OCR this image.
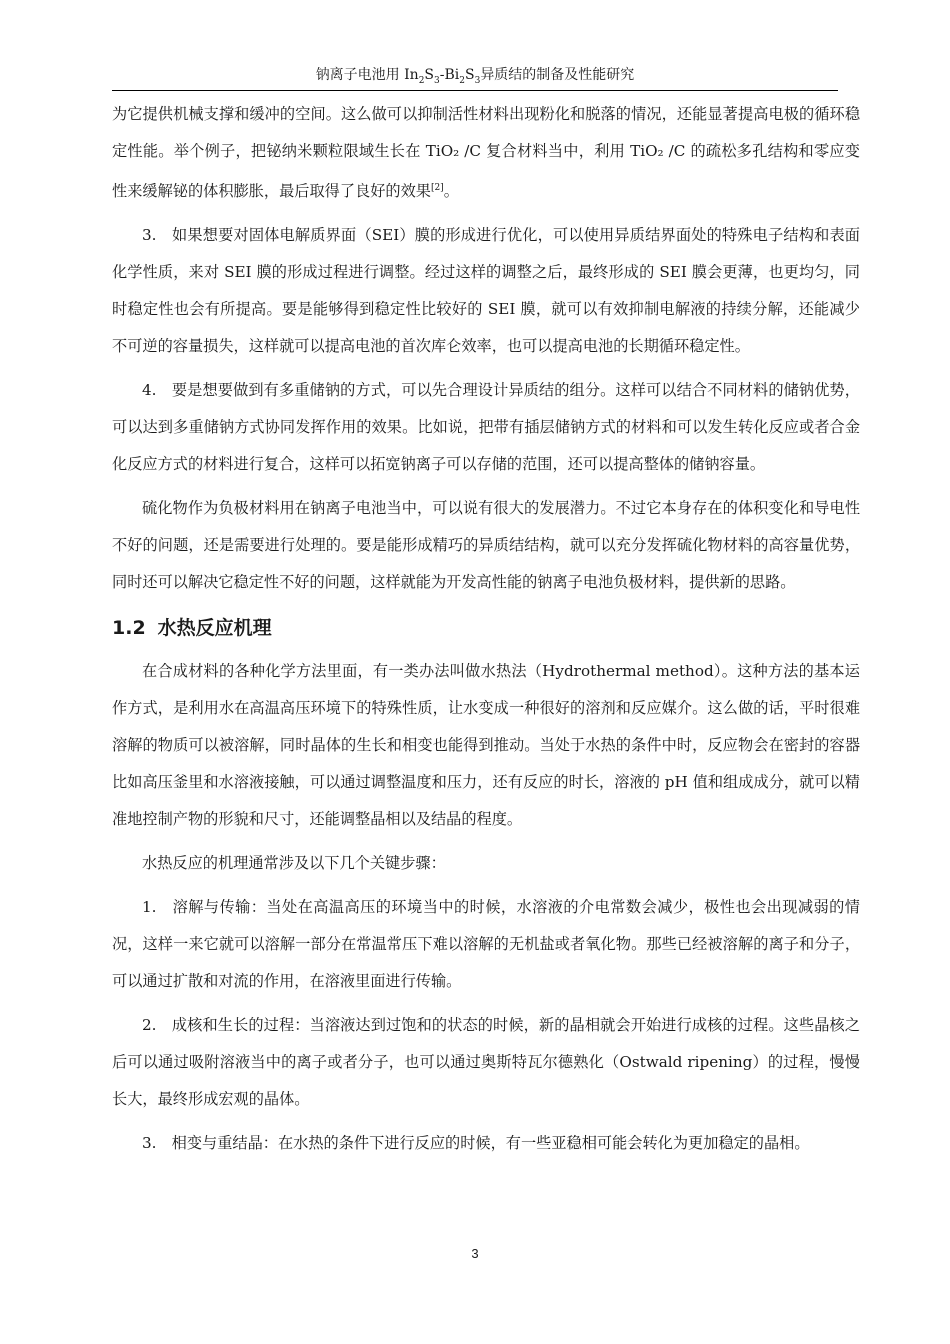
钠离子电池用 $In_2S_3-Bi_2S_3$异质结的制备及性能研究

为它提供机械支撑和缓冲的空间。这么做可以抑制活性材料出现粉化和脱落的情况，还能显著提高电极的循环稳定性能。举个例子，把铋纳米颗粒限域生长在 TiO₂ /C 复合材料当中，利用 TiO₂ /C 的疏松多孔结构和零应变性来缓解铋的体积膨胀，最后取得了良好的效果[2]。

3.　如果想要对固体电解质界面（SEI）膜的形成进行优化，可以使用异质结界面处的特殊电子结构和表面化学性质，来对 SEI 膜的形成过程进行调整。经过这样的调整之后，最终形成的 SEI 膜会更薄，也更均匀，同时稳定性也会有所提高。要是能够得到稳定性比较好的 SEI 膜，就可以有效抑制电解液的持续分解，还能减少不可逆的容量损失，这样就可以提高电池的首次库仑效率，也可以提高电池的长期循环稳定性。

4.　要是想要做到有多重储钠的方式，可以先合理设计异质结的组分。这样可以结合不同材料的储钠优势，可以达到多重储钠方式协同发挥作用的效果。比如说，把带有插层储钠方式的材料和可以发生转化反应或者合金化反应方式的材料进行复合，这样可以拓宽钠离子可以存储的范围，还可以提高整体的储钠容量。

硫化物作为负极材料用在钠离子电池当中，可以说有很大的发展潜力。不过它本身存在的体积变化和导电性不好的问题，还是需要进行处理的。要是能形成精巧的异质结结构，就可以充分发挥硫化物材料的高容量优势，同时还可以解决它稳定性不好的问题，这样就能为开发高性能的钠离子电池负极材料，提供新的思路。

1.2 水热反应机理

在合成材料的各种化学方法里面，有一类办法叫做水热法（Hydrothermal method）。这种方法的基本运作方式，是利用水在高温高压环境下的特殊性质，让水变成一种很好的溶剂和反应媒介。这么做的话，平时很难溶解的物质可以被溶解，同时晶体的生长和相变也能得到推动。当处于水热的条件中时，反应物会在密封的容器比如高压釜里和水溶液接触，可以通过调整温度和压力，还有反应的时长，溶液的 pH 值和组成成分，就可以精准地控制产物的形貌和尺寸，还能调整晶相以及结晶的程度。

水热反应的机理通常涉及以下几个关键步骤：

1.　溶解与传输：当处在高温高压的环境当中的时候，水溶液的介电常数会减少，极性也会出现减弱的情况，这样一来它就可以溶解一部分在常温常压下难以溶解的无机盐或者氧化物。那些已经被溶解的离子和分子，可以通过扩散和对流的作用，在溶液里面进行传输。

2.　成核和生长的过程：当溶液达到过饱和的状态的时候，新的晶相就会开始进行成核的过程。这些晶核之后可以通过吸附溶液当中的离子或者分子，也可以通过奥斯特瓦尔德熟化（Ostwald ripening）的过程，慢慢长大，最终形成宏观的晶体。

3.　相变与重结晶：在水热的条件下进行反应的时候，有一些亚稳相可能会转化为更加稳定的晶相。

3
